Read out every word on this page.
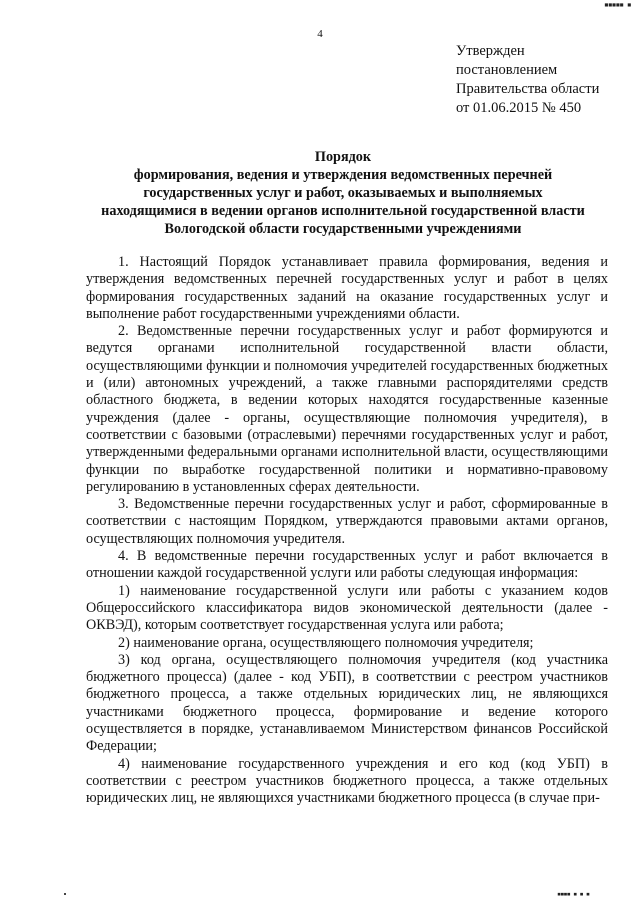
▪▪▪▪▪ ▪
4
Утвержден
постановлением
Правительства области
от 01.06.2015 № 450
Порядок
формирования, ведения и утверждения ведомственных перечней
государственных услуг и работ, оказываемых и выполняемых
находящимися в ведении органов исполнительной государственной власти
Вологодской области государственными учреждениями

1. Настоящий Порядок устанавливает правила формирования, ведения и утверждения ведомственных перечней государственных услуг и работ в целях формирования государственных заданий на оказание государственных услуг и выполнение работ государственными учреждениями области.

2. Ведомственные перечни государственных услуг и работ формируются и ведутся органами исполнительной государственной власти области, осуществляющими функции и полномочия учредителей государственных бюджетных и (или) автономных учреждений, а также главными распорядителями средств областного бюджета, в ведении которых находятся государственные казенные учреждения (далее - органы, осуществляющие полномочия учредителя), в соответствии с базовыми (отраслевыми) перечнями государственных услуг и работ, утвержденными федеральными органами исполнительной власти, осуществляющими функции по выработке государственной политики и нормативно-правовому регулированию в установленных сферах деятельности.

3. Ведомственные перечни государственных услуг и работ, сформированные в соответствии с настоящим Порядком, утверждаются правовыми актами органов, осуществляющих полномочия учредителя.

4. В ведомственные перечни государственных услуг и работ включается в отношении каждой государственной услуги или работы следующая информация:

1) наименование государственной услуги или работы с указанием кодов Общероссийского классификатора видов экономической деятельности (далее - ОКВЭД), которым соответствует государственная услуга или работа;

2) наименование органа, осуществляющего полномочия учредителя;

3) код органа, осуществляющего полномочия учредителя (код участника бюджетного процесса) (далее - код УБП), в соответствии с реестром участников бюджетного процесса, а также отдельных юридических лиц, не являющихся участниками бюджетного процесса, формирование и ведение которого осуществляется в порядке, устанавливаемом Министерством финансов Российской Федерации;

4) наименование государственного учреждения и его код (код УБП) в соответствии с реестром участников бюджетного процесса, а также отдельных юридических лиц, не являющихся участниками бюджетного процесса (в случае при-

▪▪▪▪ ▪ ▪ ▪
